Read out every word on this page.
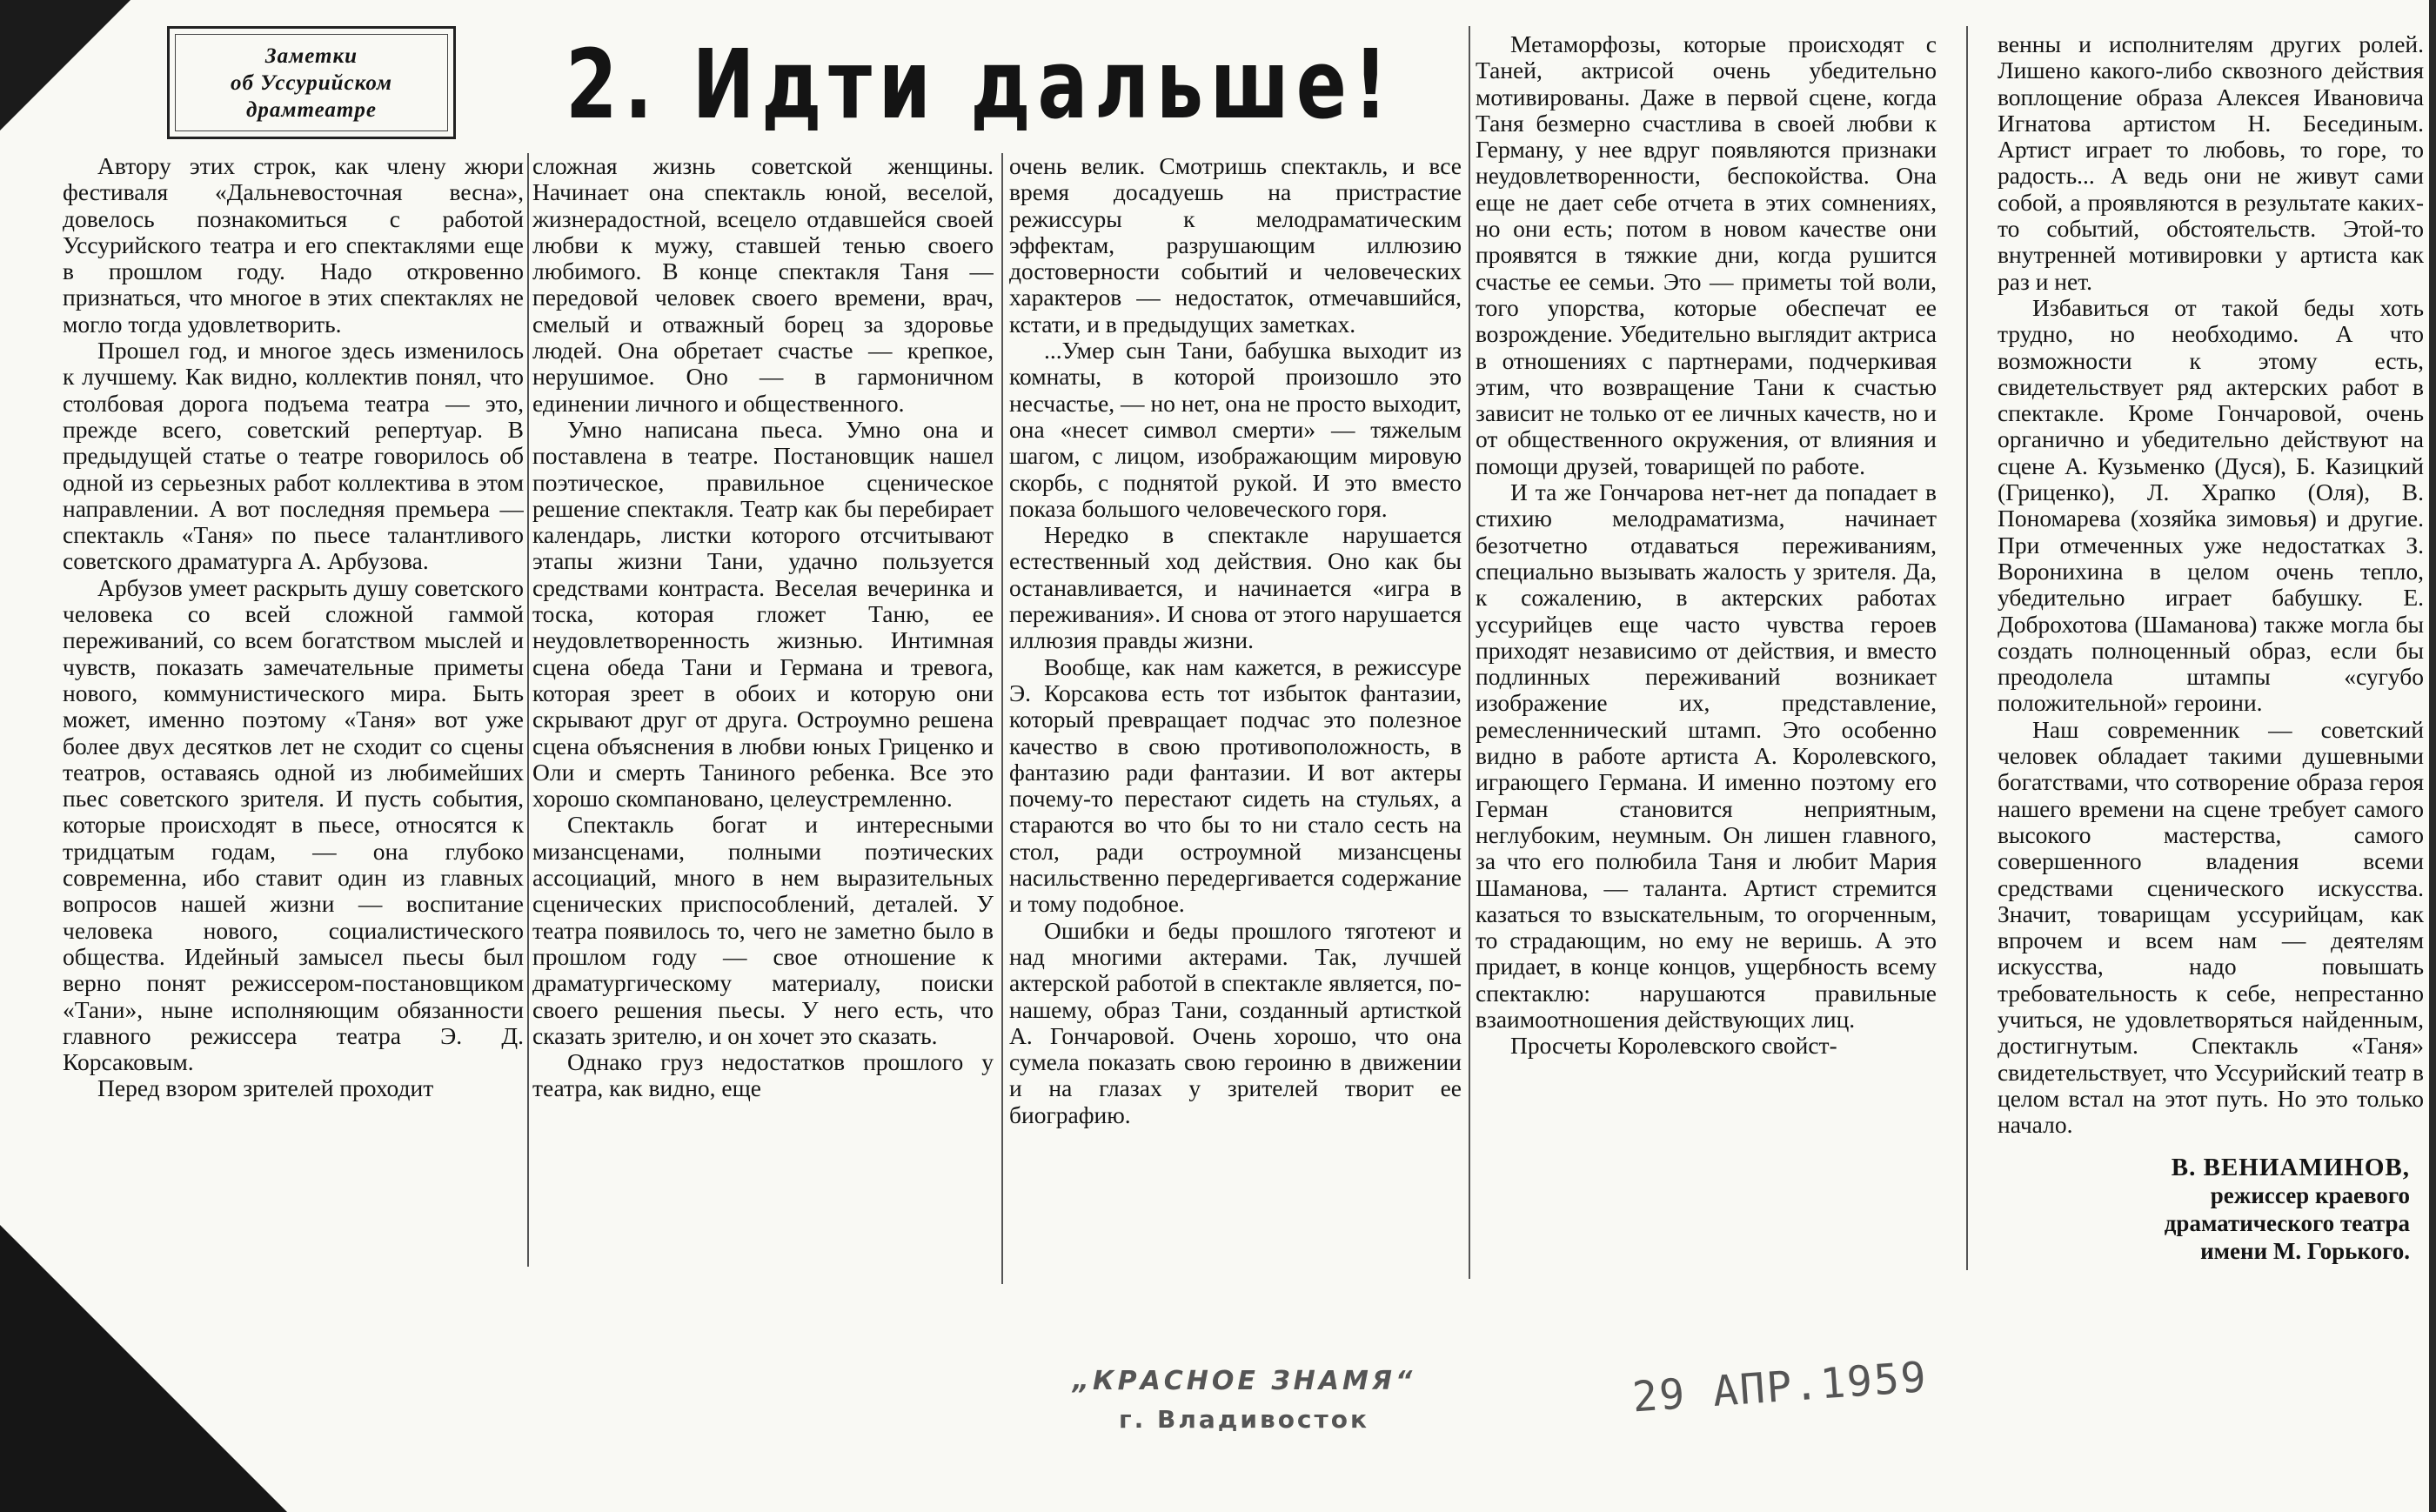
Заметки
об Уссурийском
драмтеатре 2. Идти дальше!

Автору этих строк, как члену жюри фестиваля «Дальневосточная весна», довелось познакомиться с работой Уссурийского театра и его спектаклями еще в прошлом году. Надо откровенно признаться, что многое в этих спектаклях не могло тогда удовлетворить.

Прошел год, и многое здесь изменилось к лучшему. Как видно, коллектив понял, что столбовая дорога подъема театра — это, прежде всего, советский репертуар. В предыдущей статье о театре говорилось об одной из серьезных работ коллектива в этом направлении. А вот последняя премьера — спектакль «Таня» по пьесе талантливого советского драматурга А. Арбузова.

Арбузов умеет раскрыть душу советского человека со всей сложной гаммой переживаний, со всем богатством мыслей и чувств, показать замечательные приметы нового, коммунистического мира. Быть может, именно поэтому «Таня» вот уже более двух десятков лет не сходит со сцены театров, оставаясь одной из любимейших пьес советского зрителя. И пусть события, которые происходят в пьесе, относятся к тридцатым годам, — она глубоко современна, ибо ставит один из главных вопросов нашей жизни — воспитание человека нового, социалистического общества. Идейный замысел пьесы был верно понят режиссером-постановщиком «Тани», ныне исполняющим обязанности главного режиссера театра Э. Д. Корсаковым.

Перед взором зрителей проходит

сложная жизнь советской женщины. Начинает она спектакль юной, веселой, жизнерадостной, всецело отдавшейся своей любви к мужу, ставшей тенью своего любимого. В конце спектакля Таня — передовой человек своего времени, врач, смелый и отважный борец за здоровье людей. Она обретает счастье — крепкое, нерушимое. Оно — в гармоничном единении личного и общественного.

Умно написана пьеса. Умно она и поставлена в театре. Постановщик нашел поэтическое, правильное сценическое решение спектакля. Театр как бы перебирает календарь, листки которого отсчитывают этапы жизни Тани, удачно пользуется средствами контраста. Веселая вечеринка и тоска, которая гложет Таню, ее неудовлетворенность жизнью. Интимная сцена обеда Тани и Германа и тревога, которая зреет в обоих и которую они скрывают друг от друга. Остроумно решена сцена объяснения в любви юных Гриценко и Оли и смерть Таниного ребенка. Все это хорошо скомпановано, целеустремленно.

Спектакль богат и интересными мизансценами, полными поэтических ассоциаций, много в нем выразительных сценических приспособлений, деталей. У театра появилось то, чего не заметно было в прошлом году — свое отношение к драматургическому материалу, поиски своего решения пьесы. У него есть, что сказать зрителю, и он хочет это сказать.

Однако груз недостатков прошлого у театра, как видно, еще

очень велик. Смотришь спектакль, и все время досадуешь на пристрастие режиссуры к мелодраматическим эффектам, разрушающим иллюзию достоверности событий и человеческих характеров — недостаток, отмечавшийся, кстати, и в предыдущих заметках.

...Умер сын Тани, бабушка выходит из комнаты, в которой произошло это несчастье, — но нет, она не просто выходит, она «несет символ смерти» — тяжелым шагом, с лицом, изображающим мировую скорбь, с поднятой рукой. И это вместо показа большого человеческого горя.

Нередко в спектакле нарушается естественный ход действия. Оно как бы останавливается, и начинается «игра в переживания». И снова от этого нарушается иллюзия правды жизни.

Вообще, как нам кажется, в режиссуре Э. Корсакова есть тот избыток фантазии, который превращает подчас это полезное качество в свою противоположность, в фантазию ради фантазии. И вот актеры почему-то перестают сидеть на стульях, а стараются во что бы то ни стало сесть на стол, ради остроумной мизансцены насильственно передергивается содержание и тому подобное.

Ошибки и беды прошлого тяготеют и над многими актерами. Так, лучшей актерской работой в спектакле является, по-нашему, образ Тани, созданный артисткой А. Гончаровой. Очень хорошо, что она сумела показать свою героиню в движении и на глазах у зрителей творит ее биографию.

Метаморфозы, которые происходят с Таней, актрисой очень убедительно мотивированы. Даже в первой сцене, когда Таня безмерно счастлива в своей любви к Герману, у нее вдруг появляются признаки неудовлетворенности, беспокойства. Она еще не дает себе отчета в этих сомнениях, но они есть; потом в новом качестве они проявятся в тяжкие дни, когда рушится счастье ее семьи. Это — приметы той воли, того упорства, которые обеспечат ее возрождение. Убедительно выглядит актриса в отношениях с партнерами, подчеркивая этим, что возвращение Тани к счастью зависит не только от ее личных качеств, но и от общественного окружения, от влияния и помощи друзей, товарищей по работе.

И та же Гончарова нет-нет да попадает в стихию мелодраматизма, начинает безотчетно отдаваться переживаниям, специально вызывать жалость у зрителя. Да, к сожалению, в актерских работах уссурийцев еще часто чувства героев приходят независимо от действия, и вместо подлинных переживаний возникает изображение их, представление, ремесленнический штамп. Это особенно видно в работе артиста А. Королевского, играющего Германа. И именно поэтому его Герман становится неприятным, неглубоким, неумным. Он лишен главного, за что его полюбила Таня и любит Мария Шаманова, — таланта. Артист стремится казаться то взыскательным, то огорченным, то страдающим, но ему не веришь. А это придает, в конце концов, ущербность всему спектаклю: нарушаются правильные взаимоотношения действующих лиц.

Просчеты Королевского свойст-

венны и исполнителям других ролей. Лишено какого-либо сквозного действия воплощение образа Алексея Ивановича Игнатова артистом Н. Бесединым. Артист играет то любовь, то горе, то радость... А ведь они не живут сами собой, а проявляются в результате каких-то событий, обстоятельств. Этой-то внутренней мотивировки у артиста как раз и нет.

Избавиться от такой беды хоть трудно, но необходимо. А что возможности к этому есть, свидетельствует ряд актерских работ в спектакле. Кроме Гончаровой, очень органично и убедительно действуют на сцене А. Кузьменко (Дуся), Б. Казицкий (Гриценко), Л. Храпко (Оля), В. Пономарева (хозяйка зимовья) и другие. При отмеченных уже недостатках З. Воронихина в целом очень тепло, убедительно играет бабушку. Е. Доброхотова (Шаманова) также могла бы создать полноценный образ, если бы преодолела штампы «сугубо положительной» героини.

Наш современник — советский человек обладает такими душевными богатствами, что сотворение образа героя нашего времени на сцене требует самого высокого мастерства, самого совершенного владения всеми средствами сценического искусства. Значит, товарищам уссурийцам, как впрочем и всем нам — деятелям искусства, надо повышать требовательность к себе, непрестанно учиться, не удовлетворяться найденным, достигнутым. Спектакль «Таня» свидетельствует, что Уссурийский театр в целом встал на этот путь. Но это только начало.

В. ВЕНИАМИНОВ,
режиссер краевого
драматического театра
имени М. Горького.
„КРАСНОЕ ЗНАМЯ“
г. Владивосток	29 АПР.1959
